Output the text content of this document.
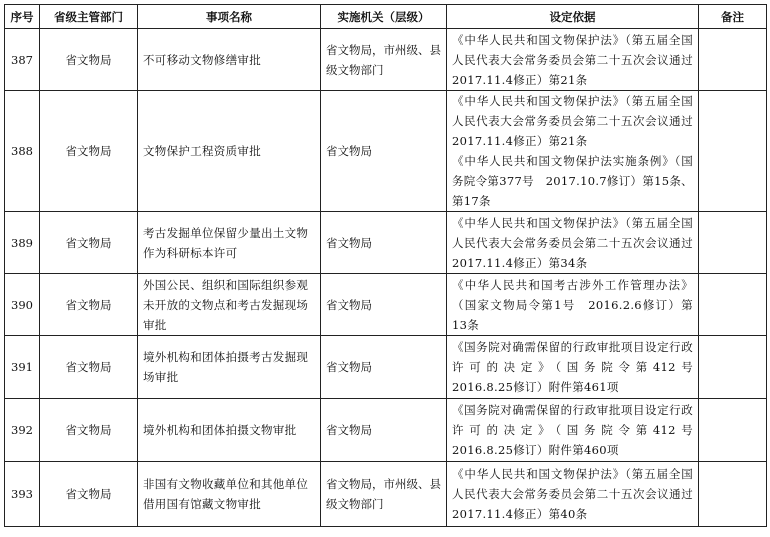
序号	省级主管部门	事项名称	实施机关（层级）	设定依据	备注
387	省文物局	不可移动文物修缮审批	省文物局，市州级、县级文物部门	《中华人民共和国文物保护法》（第五届全国人民代表大会常务委员会第二十五次会议通过　2017.11.4修正）第21条	
388	省文物局	文物保护工程资质审批	省文物局	《中华人民共和国文物保护法》（第五届全国人民代表大会常务委员会第二十五次会议通过　2017.11.4修正）第21条
《中华人民共和国文物保护法实施条例》（国务院令第377号　2017.10.7修订）第15条、第17条	
389	省文物局	考古发掘单位保留少量出土文物作为科研标本许可	省文物局	《中华人民共和国文物保护法》（第五届全国人民代表大会常务委员会第二十五次会议通过　2017.11.4修正）第34条	
390	省文物局	外国公民、组织和国际组织参观未开放的文物点和考古发掘现场审批	省文物局	《中华人民共和国考古涉外工作管理办法》（国家文物局令第1号　2016.2.6修订）第13条	
391	省文物局	境外机构和团体拍摄考古发掘现场审批	省文物局	《国务院对确需保留的行政审批项目设定行政许可的决定》（国务院令第412号　2016.8.25修订）附件第461项	
392	省文物局	境外机构和团体拍摄文物审批	省文物局	《国务院对确需保留的行政审批项目设定行政许可的决定》（国务院令第412号　2016.8.25修订）附件第460项	
393	省文物局	非国有文物收藏单位和其他单位借用国有馆藏文物审批	省文物局，市州级、县级文物部门	《中华人民共和国文物保护法》（第五届全国人民代表大会常务委员会第二十五次会议通过　2017.11.4修正）第40条	
